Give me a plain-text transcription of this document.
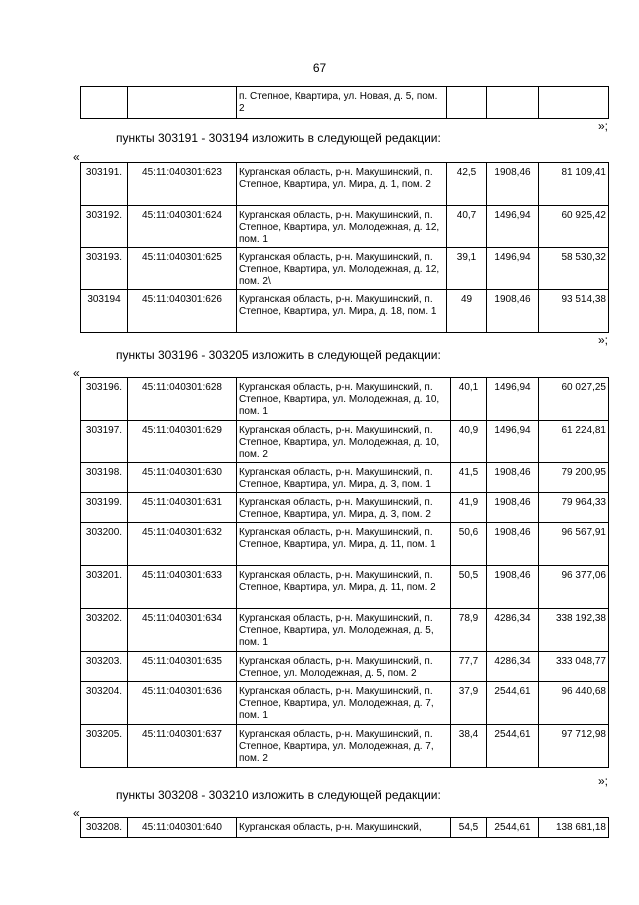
67
		п. Степное, Квартира, ул. Новая, д. 5, пом. 2			
»;
пункты 303191 - 303194 изложить в следующей редакции:
«
303191.	45:11:040301:623	Курганская область, р-н. Макушинский, п. Степное, Квартира, ул. Мира, д. 1, пом. 2	42,5	1908,46	81 109,41
303192.	45:11:040301:624	Курганская область, р-н. Макушинский, п. Степное, Квартира, ул. Молодежная, д. 12, пом. 1	40,7	1496,94	60 925,42
303193.	45:11:040301:625	Курганская область, р-н. Макушинский, п. Степное, Квартира, ул. Молодежная, д. 12, пом. 2\	39,1	1496,94	58 530,32
303194	45:11:040301:626	Курганская область, р-н. Макушинский, п. Степное, Квартира, ул. Мира, д. 18, пом. 1	49	1908,46	93 514,38
»;
пункты 303196 - 303205 изложить в следующей редакции:
«
303196.	45:11:040301:628	Курганская область, р-н. Макушинский, п. Степное, Квартира, ул. Молодежная, д. 10, пом. 1	40,1	1496,94	60 027,25
303197.	45:11:040301:629	Курганская область, р-н. Макушинский, п. Степное, Квартира, ул. Молодежная, д. 10, пом. 2	40,9	1496,94	61 224,81
303198.	45:11:040301:630	Курганская область, р-н. Макушинский, п. Степное, Квартира, ул. Мира, д. 3, пом. 1	41,5	1908,46	79 200,95
303199.	45:11:040301:631	Курганская область, р-н. Макушинский, п. Степное, Квартира, ул. Мира, д. 3, пом. 2	41,9	1908,46	79 964,33
303200.	45:11:040301:632	Курганская область, р-н. Макушинский, п. Степное, Квартира, ул. Мира, д. 11, пом. 1	50,6	1908,46	96 567,91
303201.	45:11:040301:633	Курганская область, р-н. Макушинский, п. Степное, Квартира, ул. Мира, д. 11, пом. 2	50,5	1908,46	96 377,06
303202.	45:11:040301:634	Курганская область, р-н. Макушинский, п. Степное, Квартира, ул. Молодежная, д. 5, пом. 1	78,9	4286,34	338 192,38
303203.	45:11:040301:635	Курганская область, р-н. Макушинский, п. Степное, ул. Молодежная, д. 5, пом. 2	77,7	4286,34	333 048,77
303204.	45:11:040301:636	Курганская область, р-н. Макушинский, п. Степное, Квартира, ул. Молодежная, д. 7, пом. 1	37,9	2544,61	96 440,68
303205.	45:11:040301:637	Курганская область, р-н. Макушинский, п. Степное, Квартира, ул. Молодежная, д. 7, пом. 2	38,4	2544,61	97 712,98
»;
пункты 303208 - 303210 изложить в следующей редакции:
«
303208.	45:11:040301:640	Курганская область, р-н. Макушинский,	54,5	2544,61	138 681,18
